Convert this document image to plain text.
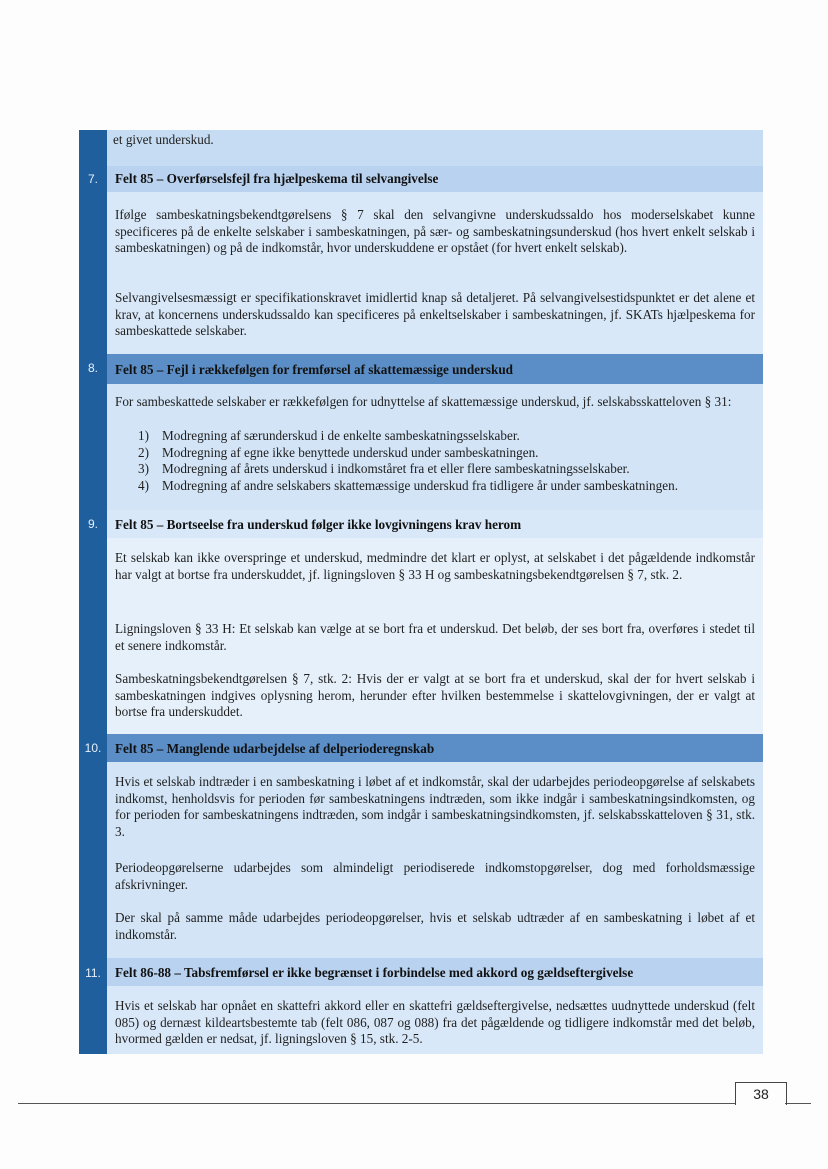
et givet underskud.
7.	Felt 85 – Overførselsfejl fra hjælpeskema til selvangivelse
Ifølge sambeskatningsbekendtgørelsens § 7 skal den selvangivne underskudssaldo hos moderselskabet kunne specificeres på de enkelte selskaber i sambeskatningen, på sær- og sambeskatningsunderskud (hos hvert enkelt selskab i sambeskatningen) og på de indkomstår, hvor underskuddene er opstået (for hvert enkelt selskab).
Selvangivelsesmæssigt er specifikationskravet imidlertid knap så detaljeret. På selvangivelsestidspunktet er det alene et krav, at koncernens underskudssaldo kan specificeres på enkeltselskaber i sambeskatningen, jf. SKATs hjælpeskema for sambeskattede selskaber.
8.	Felt 85 – Fejl i rækkefølgen for fremførsel af skattemæssige underskud
For sambeskattede selskaber er rækkefølgen for udnyttelse af skattemæssige underskud, jf. selskabsskatteloven § 31:
1) Modregning af særunderskud i de enkelte sambeskatningsselskaber.
2) Modregning af egne ikke benyttede underskud under sambeskatningen.
3) Modregning af årets underskud i indkomståret fra et eller flere sambeskatningsselskaber.
4) Modregning af andre selskabers skattemæssige underskud fra tidligere år under sambeskatningen.
9.	Felt 85 – Bortseelse fra underskud følger ikke lovgivningens krav herom
Et selskab kan ikke overspringe et underskud, medmindre det klart er oplyst, at selskabet i det pågældende indkomstår har valgt at bortse fra underskuddet, jf. ligningsloven § 33 H og sambeskatningsbekendtgørelsen § 7, stk. 2.
Ligningsloven § 33 H: Et selskab kan vælge at se bort fra et underskud. Det beløb, der ses bort fra, overføres i stedet til et senere indkomstår.
Sambeskatningsbekendtgørelsen § 7, stk. 2: Hvis der er valgt at se bort fra et underskud, skal der for hvert selskab i sambeskatningen indgives oplysning herom, herunder efter hvilken bestemmelse i skattelovgivningen, der er valgt at bortse fra underskuddet.
10.	Felt 85 – Manglende udarbejdelse af delperioderegnskab
Hvis et selskab indtræder i en sambeskatning i løbet af et indkomstår, skal der udarbejdes periodeopgørelse af selskabets indkomst, henholdsvis for perioden før sambeskatningens indtræden, som ikke indgår i sambeskatningsindkomsten, og for perioden for sambeskatningens indtræden, som indgår i sambeskatningsindkomsten, jf. selskabsskatteloven § 31, stk. 3.
Periodeopgørelserne udarbejdes som almindeligt periodiserede indkomstopgørelser, dog med forholdsmæssige afskrivninger.
Der skal på samme måde udarbejdes periodeopgørelser, hvis et selskab udtræder af en sambeskatning i løbet af et indkomstår.
11.	Felt 86-88 – Tabsfremførsel er ikke begrænset i forbindelse med akkord og gældseftergivelse
Hvis et selskab har opnået en skattefri akkord eller en skattefri gældseftergivelse, nedsættes uudnyttede underskud (felt 085) og dernæst kildeartsbestemte tab (felt 086, 087 og 088) fra det pågældende og tidligere indkomstår med det beløb, hvormed gælden er nedsat, jf. ligningsloven § 15, stk. 2-5.
38
